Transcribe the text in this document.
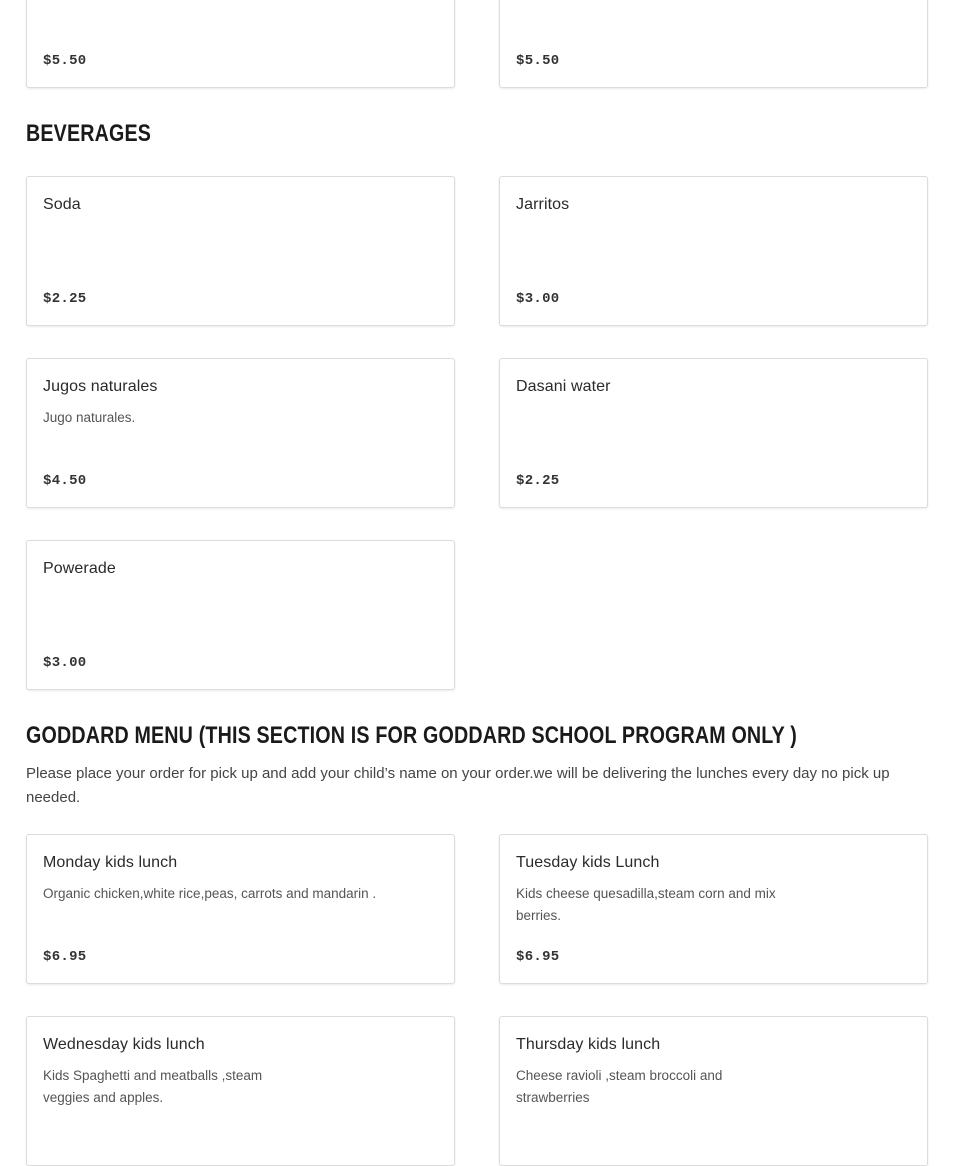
$5.50	$5.50
BEVERAGES
Soda
$2.25
Jarritos
$3.00
Jugos naturales
Jugo naturales.
$4.50
Dasani water
$2.25
Powerade
$3.00
GODDARD MENU (THIS SECTION IS FOR GODDARD SCHOOL PROGRAM ONLY )
Please place your order for pick up and add your child’s name on your order.we will be delivering the lunches every day no pick up needed.
Monday kids lunch
Organic chicken,white rice,peas, carrots and mandarin .
$6.95
Tuesday kids Lunch
Kids cheese quesadilla,steam corn and mix berries.
$6.95
Wednesday kids lunch
Kids Spaghetti and meatballs ,steam veggies and apples.
Thursday kids lunch
Cheese ravioli ,steam broccoli and strawberries
